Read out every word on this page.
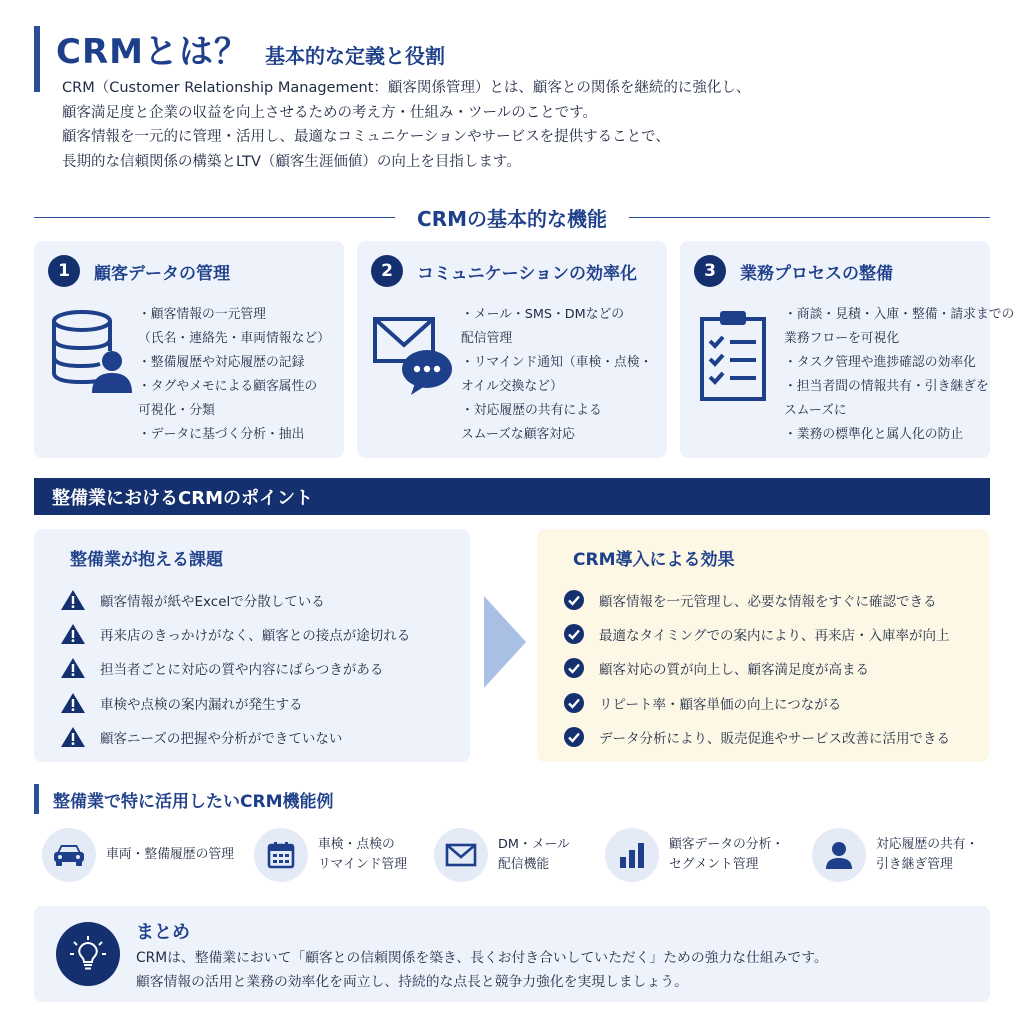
CRMとは？ 基本的な定義と役割
CRM（Customer Relationship Management：顧客関係管理）とは、顧客との関係を継続的に強化し、
顧客満足度と企業の収益を向上させるための考え方・仕組み・ツールのことです。
顧客情報を一元的に管理・活用し、最適なコミュニケーションやサービスを提供することで、
長期的な信頼関係の構築とLTV（顧客生涯価値）の向上を目指します。
CRMの基本的な機能
1	顧客データの管理
・顧客情報の一元管理
（氏名・連絡先・車両情報など）
・整備履歴や対応履歴の記録
・タグやメモによる顧客属性の
可視化・分類
・データに基づく分析・抽出
2	コミュニケーションの効率化
・メール・SMS・DMなどの
配信管理
・リマインド通知（車検・点検・
オイル交換など）
・対応履歴の共有による
スムーズな顧客対応
3	業務プロセスの整備
・商談・見積・入庫・整備・請求までの
業務フローを可視化
・タスク管理や進捗確認の効率化
・担当者間の情報共有・引き継ぎを
スムーズに
・業務の標準化と属人化の防止
整備業におけるCRMのポイント
整備業が抱える課題
顧客情報が紙やExcelで分散している
再来店のきっかけがなく、顧客との接点が途切れる
担当者ごとに対応の質や内容にばらつきがある
車検や点検の案内漏れが発生する
顧客ニーズの把握や分析ができていない
CRM導入による効果
顧客情報を一元管理し、必要な情報をすぐに確認できる
最適なタイミングでの案内により、再来店・入庫率が向上
顧客対応の質が向上し、顧客満足度が高まる
リピート率・顧客単価の向上につながる
データ分析により、販売促進やサービス改善に活用できる
整備業で特に活用したいCRM機能例
車両・整備履歴の管理
車検・点検の
リマインド管理
DM・メール
配信機能
顧客データの分析・
セグメント管理
対応履歴の共有・
引き継ぎ管理
まとめ
CRMは、整備業において「顧客との信頼関係を築き、長くお付き合いしていただく」ための強力な仕組みです。
顧客情報の活用と業務の効率化を両立し、持続的な点長と競争力強化を実現しましょう。
